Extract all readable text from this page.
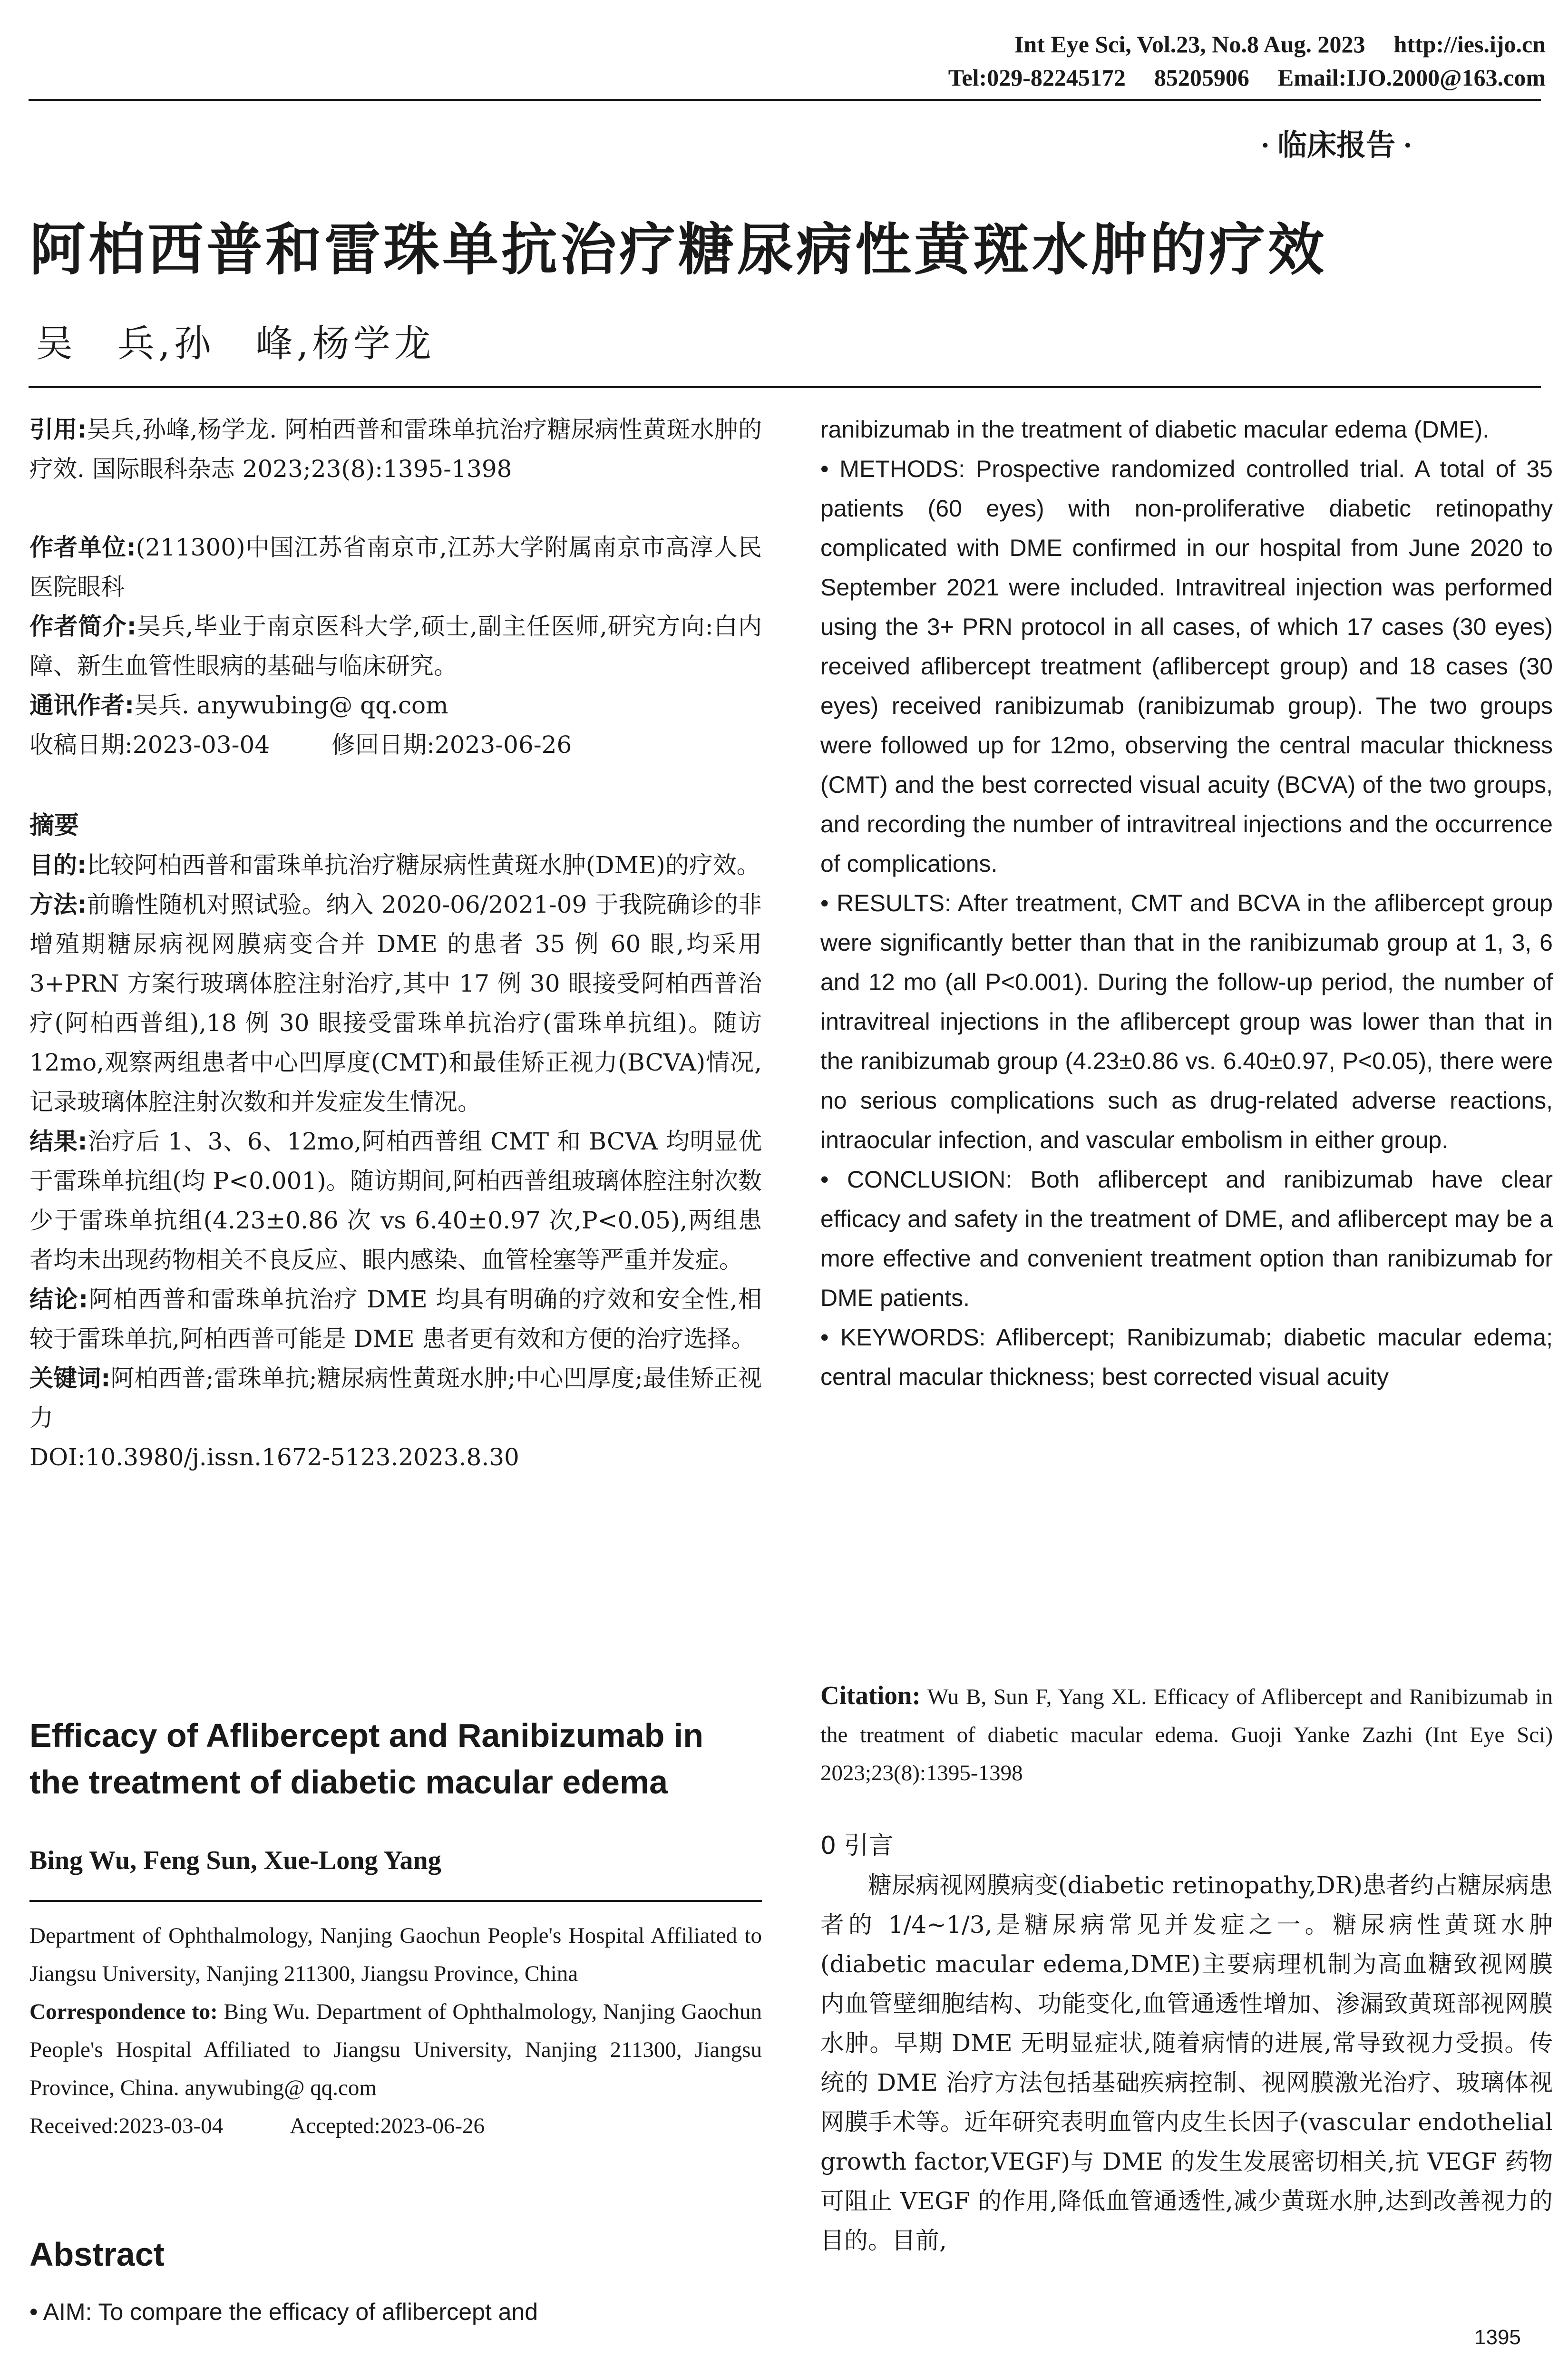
Int Eye Sci, Vol.23, No.8 Aug. 2023 http://ies.ijo.cn
Tel:029-82245172 85205906 Email:IJO.2000@163.com
· 临床报告 ·
阿柏西普和雷珠单抗治疗糖尿病性黄斑水肿的疗效
吴　兵,孙　峰,杨学龙
引用:吴兵,孙峰,杨学龙. 阿柏西普和雷珠单抗治疗糖尿病性黄斑水肿的疗效. 国际眼科杂志 2023;23(8):1395-1398
作者单位:(211300)中国江苏省南京市,江苏大学附属南京市高淳人民医院眼科
作者简介:吴兵,毕业于南京医科大学,硕士,副主任医师,研究方向:白内障、新生血管性眼病的基础与临床研究。
通讯作者:吴兵. anywubing@ qq.com
收稿日期:2023-03-04	修回日期:2023-06-26
摘要
目的:比较阿柏西普和雷珠单抗治疗糖尿病性黄斑水肿(DME)的疗效。
方法:前瞻性随机对照试验。纳入 2020-06/2021-09 于我院确诊的非增殖期糖尿病视网膜病变合并 DME 的患者 35 例 60 眼,均采用 3+PRN 方案行玻璃体腔注射治疗,其中 17 例 30 眼接受阿柏西普治疗(阿柏西普组),18 例 30 眼接受雷珠单抗治疗(雷珠单抗组)。随访 12mo,观察两组患者中心凹厚度(CMT)和最佳矫正视力(BCVA)情况,记录玻璃体腔注射次数和并发症发生情况。
结果:治疗后 1、3、6、12mo,阿柏西普组 CMT 和 BCVA 均明显优于雷珠单抗组(均 P<0.001)。随访期间,阿柏西普组玻璃体腔注射次数少于雷珠单抗组(4.23±0.86 次 vs 6.40±0.97 次,P<0.05),两组患者均未出现药物相关不良反应、眼内感染、血管栓塞等严重并发症。
结论:阿柏西普和雷珠单抗治疗 DME 均具有明确的疗效和安全性,相较于雷珠单抗,阿柏西普可能是 DME 患者更有效和方便的治疗选择。
关键词:阿柏西普;雷珠单抗;糖尿病性黄斑水肿;中心凹厚度;最佳矫正视力
DOI:10.3980/j.issn.1672-5123.2023.8.30
Efficacy of Aflibercept and Ranibizumab in the treatment of diabetic macular edema
Bing Wu, Feng Sun, Xue-Long Yang
Department of Ophthalmology, Nanjing Gaochun People's Hospital Affiliated to Jiangsu University, Nanjing 211300, Jiangsu Province, China
Correspondence to: Bing Wu. Department of Ophthalmology, Nanjing Gaochun People's Hospital Affiliated to Jiangsu University, Nanjing 211300, Jiangsu Province, China. anywubing@ qq.com
Received:2023-03-04	Accepted:2023-06-26
Abstract
• AIM: To compare the efficacy of aflibercept and

ranibizumab in the treatment of diabetic macular edema (DME).

• METHODS: Prospective randomized controlled trial. A total of 35 patients (60 eyes) with non-proliferative diabetic retinopathy complicated with DME confirmed in our hospital from June 2020 to September 2021 were included. Intravitreal injection was performed using the 3+ PRN protocol in all cases, of which 17 cases (30 eyes) received aflibercept treatment (aflibercept group) and 18 cases (30 eyes) received ranibizumab (ranibizumab group). The two groups were followed up for 12mo, observing the central macular thickness (CMT) and the best corrected visual acuity (BCVA) of the two groups, and recording the number of intravitreal injections and the occurrence of complications.

• RESULTS: After treatment, CMT and BCVA in the aflibercept group were significantly better than that in the ranibizumab group at 1, 3, 6 and 12 mo (all P<0.001). During the follow-up period, the number of intravitreal injections in the aflibercept group was lower than that in the ranibizumab group (4.23±0.86 vs. 6.40±0.97, P<0.05), there were no serious complications such as drug-related adverse reactions, intraocular infection, and vascular embolism in either group.

• CONCLUSION: Both aflibercept and ranibizumab have clear efficacy and safety in the treatment of DME, and aflibercept may be a more effective and convenient treatment option than ranibizumab for DME patients.

• KEYWORDS: Aflibercept; Ranibizumab; diabetic macular edema; central macular thickness; best corrected visual acuity

Citation: Wu B, Sun F, Yang XL. Efficacy of Aflibercept and Ranibizumab in the treatment of diabetic macular edema. Guoji Yanke Zazhi (Int Eye Sci) 2023;23(8):1395-1398
0 引言

糖尿病视网膜病变(diabetic retinopathy,DR)患者约占糖尿病患者的 1/4~1/3,是糖尿病常见并发症之一。糖尿病性黄斑水肿(diabetic macular edema,DME)主要病理机制为高血糖致视网膜内血管壁细胞结构、功能变化,血管通透性增加、渗漏致黄斑部视网膜水肿。早期 DME 无明显症状,随着病情的进展,常导致视力受损。传统的 DME 治疗方法包括基础疾病控制、视网膜激光治疗、玻璃体视网膜手术等。近年研究表明血管内皮生长因子(vascular endothelial growth factor,VEGF)与 DME 的发生发展密切相关,抗 VEGF 药物可阻止 VEGF 的作用,降低血管通透性,减少黄斑水肿,达到改善视力的目的。目前,

1395
